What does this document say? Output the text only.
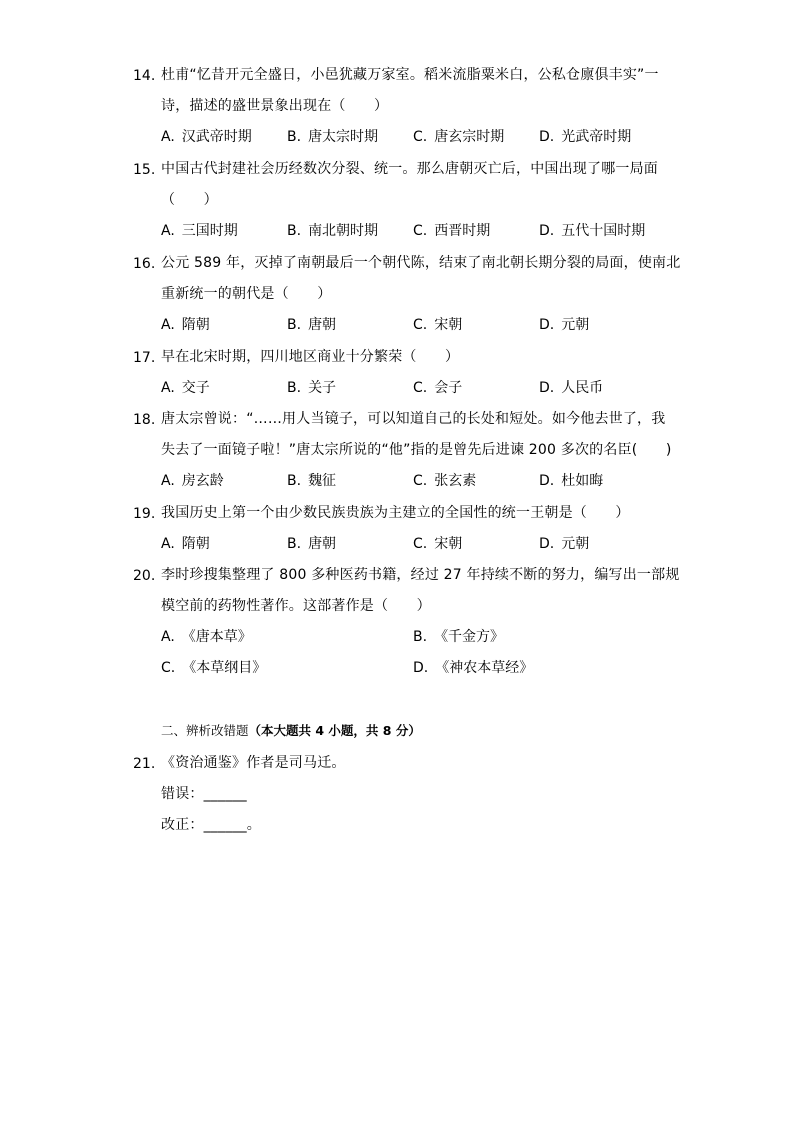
14. 杜甫“忆昔开元全盛日，小邑犹藏万家室。稻米流脂粟米白，公私仓廪俱丰实”一
诗，描述的盛世景象出现在（　　）
A. 汉武帝时期	B. 唐太宗时期 C. 唐玄宗时期 D. 光武帝时期
15. 中国古代封建社会历经数次分裂、统一。那么唐朝灭亡后，中国出现了哪一局面
（　　）
A. 三国时期	B. 南北朝时期 C. 西晋时期	D. 五代十国时期
16. 公元 589 年，灭掉了南朝最后一个朝代陈，结束了南北朝长期分裂的局面，使南北
重新统一的朝代是（　　）
A. 隋朝	B. 唐朝	C. 宋朝	D. 元朝
17. 早在北宋时期，四川地区商业十分繁荣（　　）
A. 交子	B. 关子	C. 会子	D. 人民币
18. 唐太宗曾说：“……用人当镜子，可以知道自己的长处和短处。如今他去世了，我
失去了一面镜子啦！”唐太宗所说的“他”指的是曾先后进谏 200 多次的名臣(　　)
A. 房玄龄	B. 魏征	C. 张玄素	D. 杜如晦
19. 我国历史上第一个由少数民族贵族为主建立的全国性的统一王朝是（　　）
A. 隋朝	B. 唐朝	C. 宋朝	D. 元朝
20. 李时珍搜集整理了 800 多种医药书籍，经过 27 年持续不断的努力，编写出一部规
模空前的药物性著作。这部著作是（　　）
A. 《唐本草》	B. 《千金方》
C. 《本草纲目》	D. 《神农本草经》
二、辨析改错题（本大题共 4 小题，共 8 分）
21. 《资治通鉴》作者是司马迁。
错误：______
改正：______。
